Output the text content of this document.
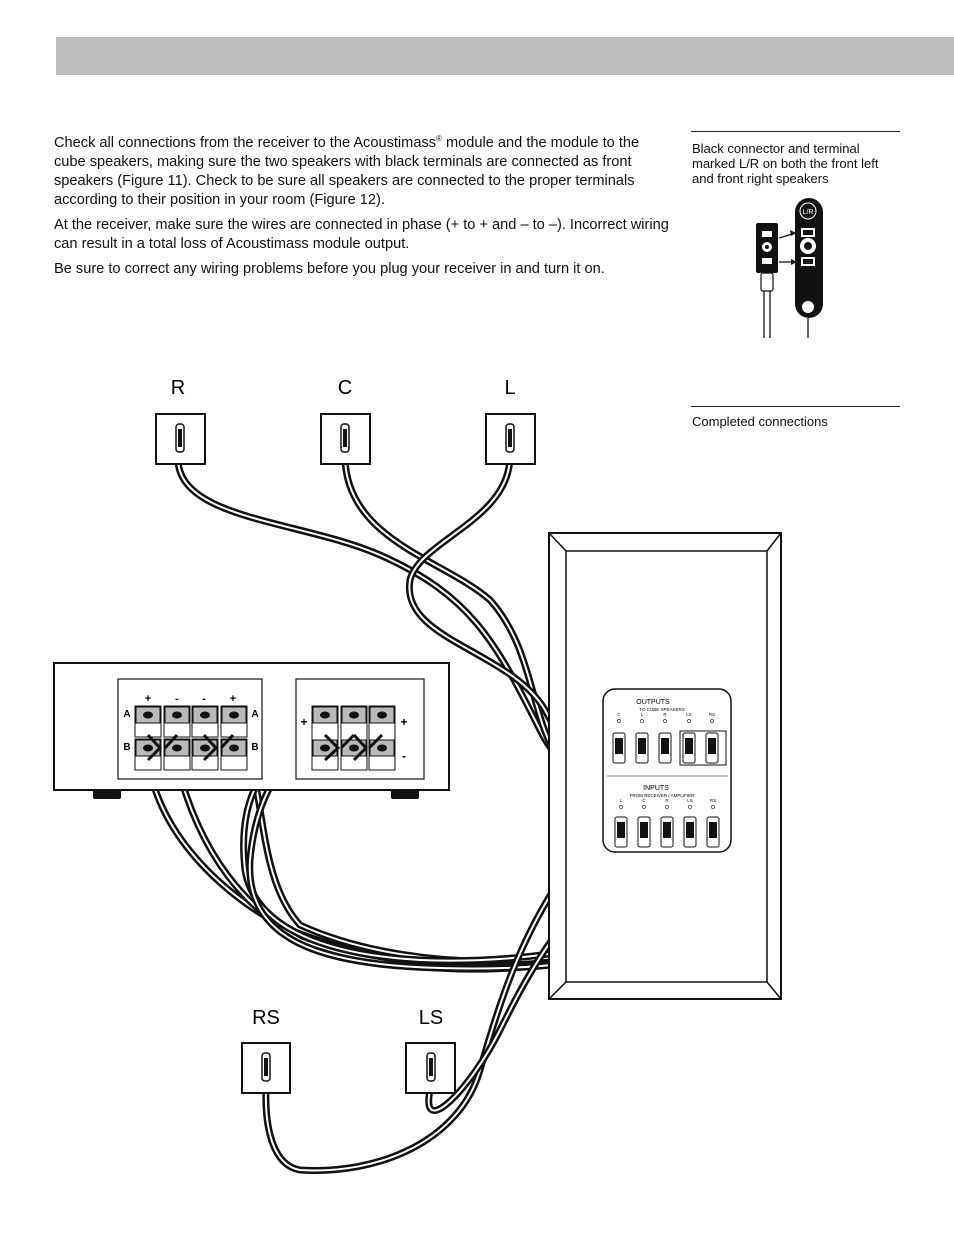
Check all connections from the receiver to the Acoustimass® module and the module to the cube speakers, making sure the two speakers with black terminals are connected as front speakers (Figure 11). Check to be sure all speakers are connected to the proper terminals according to their position in your room (Figure 12).

At the receiver, make sure the wires are connected in phase (+ to + and – to –). Incorrect wiring can result in a total loss of Acoustimass module output.

Be sure to correct any wiring problems before you plug your receiver in and turn it on.

Black connector and terminal marked L/R on both the front left and front right speakers
Completed connections
L/R
R	C	L
OUTPUTS
TO CUBE SPEAKERS
C	L	R	LS	RS
INPUTS
FROM RECEIVER / AMPLIFIER
L	C	R	LS	RS
+ - - +
A
B
A
B
+	+
-
RS	LS
